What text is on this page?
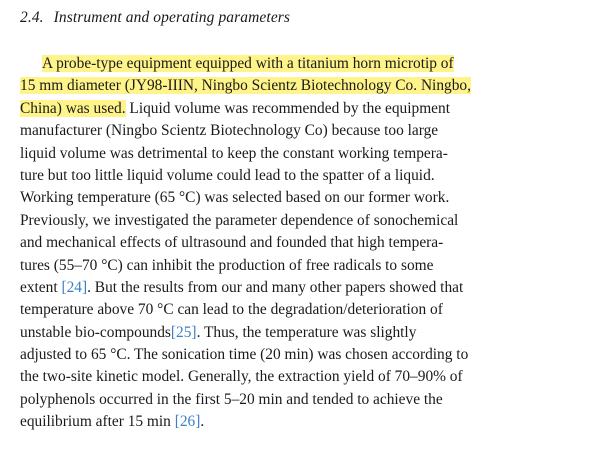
2.4. Instrument and operating parameters
A probe-type equipment equipped with a titanium horn microtip of
15 mm diameter (JY98-IIIN, Ningbo Scientz Biotechnology Co. Ningbo,
China) was used. Liquid volume was recommended by the equipment
manufacturer (Ningbo Scientz Biotechnology Co) because too large
liquid volume was detrimental to keep the constant working tempera-
ture but too little liquid volume could lead to the spatter of a liquid.
Working temperature (65 °C) was selected based on our former work.
Previously, we investigated the parameter dependence of sonochemical
and mechanical effects of ultrasound and founded that high tempera-
tures (55–70 °C) can inhibit the production of free radicals to some
extent [24]. But the results from our and many other papers showed that
temperature above 70 °C can lead to the degradation/deterioration of
unstable bio-compounds[25]. Thus, the temperature was slightly
adjusted to 65 °C. The sonication time (20 min) was chosen according to
the two-site kinetic model. Generally, the extraction yield of 70–90% of
polyphenols occurred in the first 5–20 min and tended to achieve the
equilibrium after 15 min [26].
